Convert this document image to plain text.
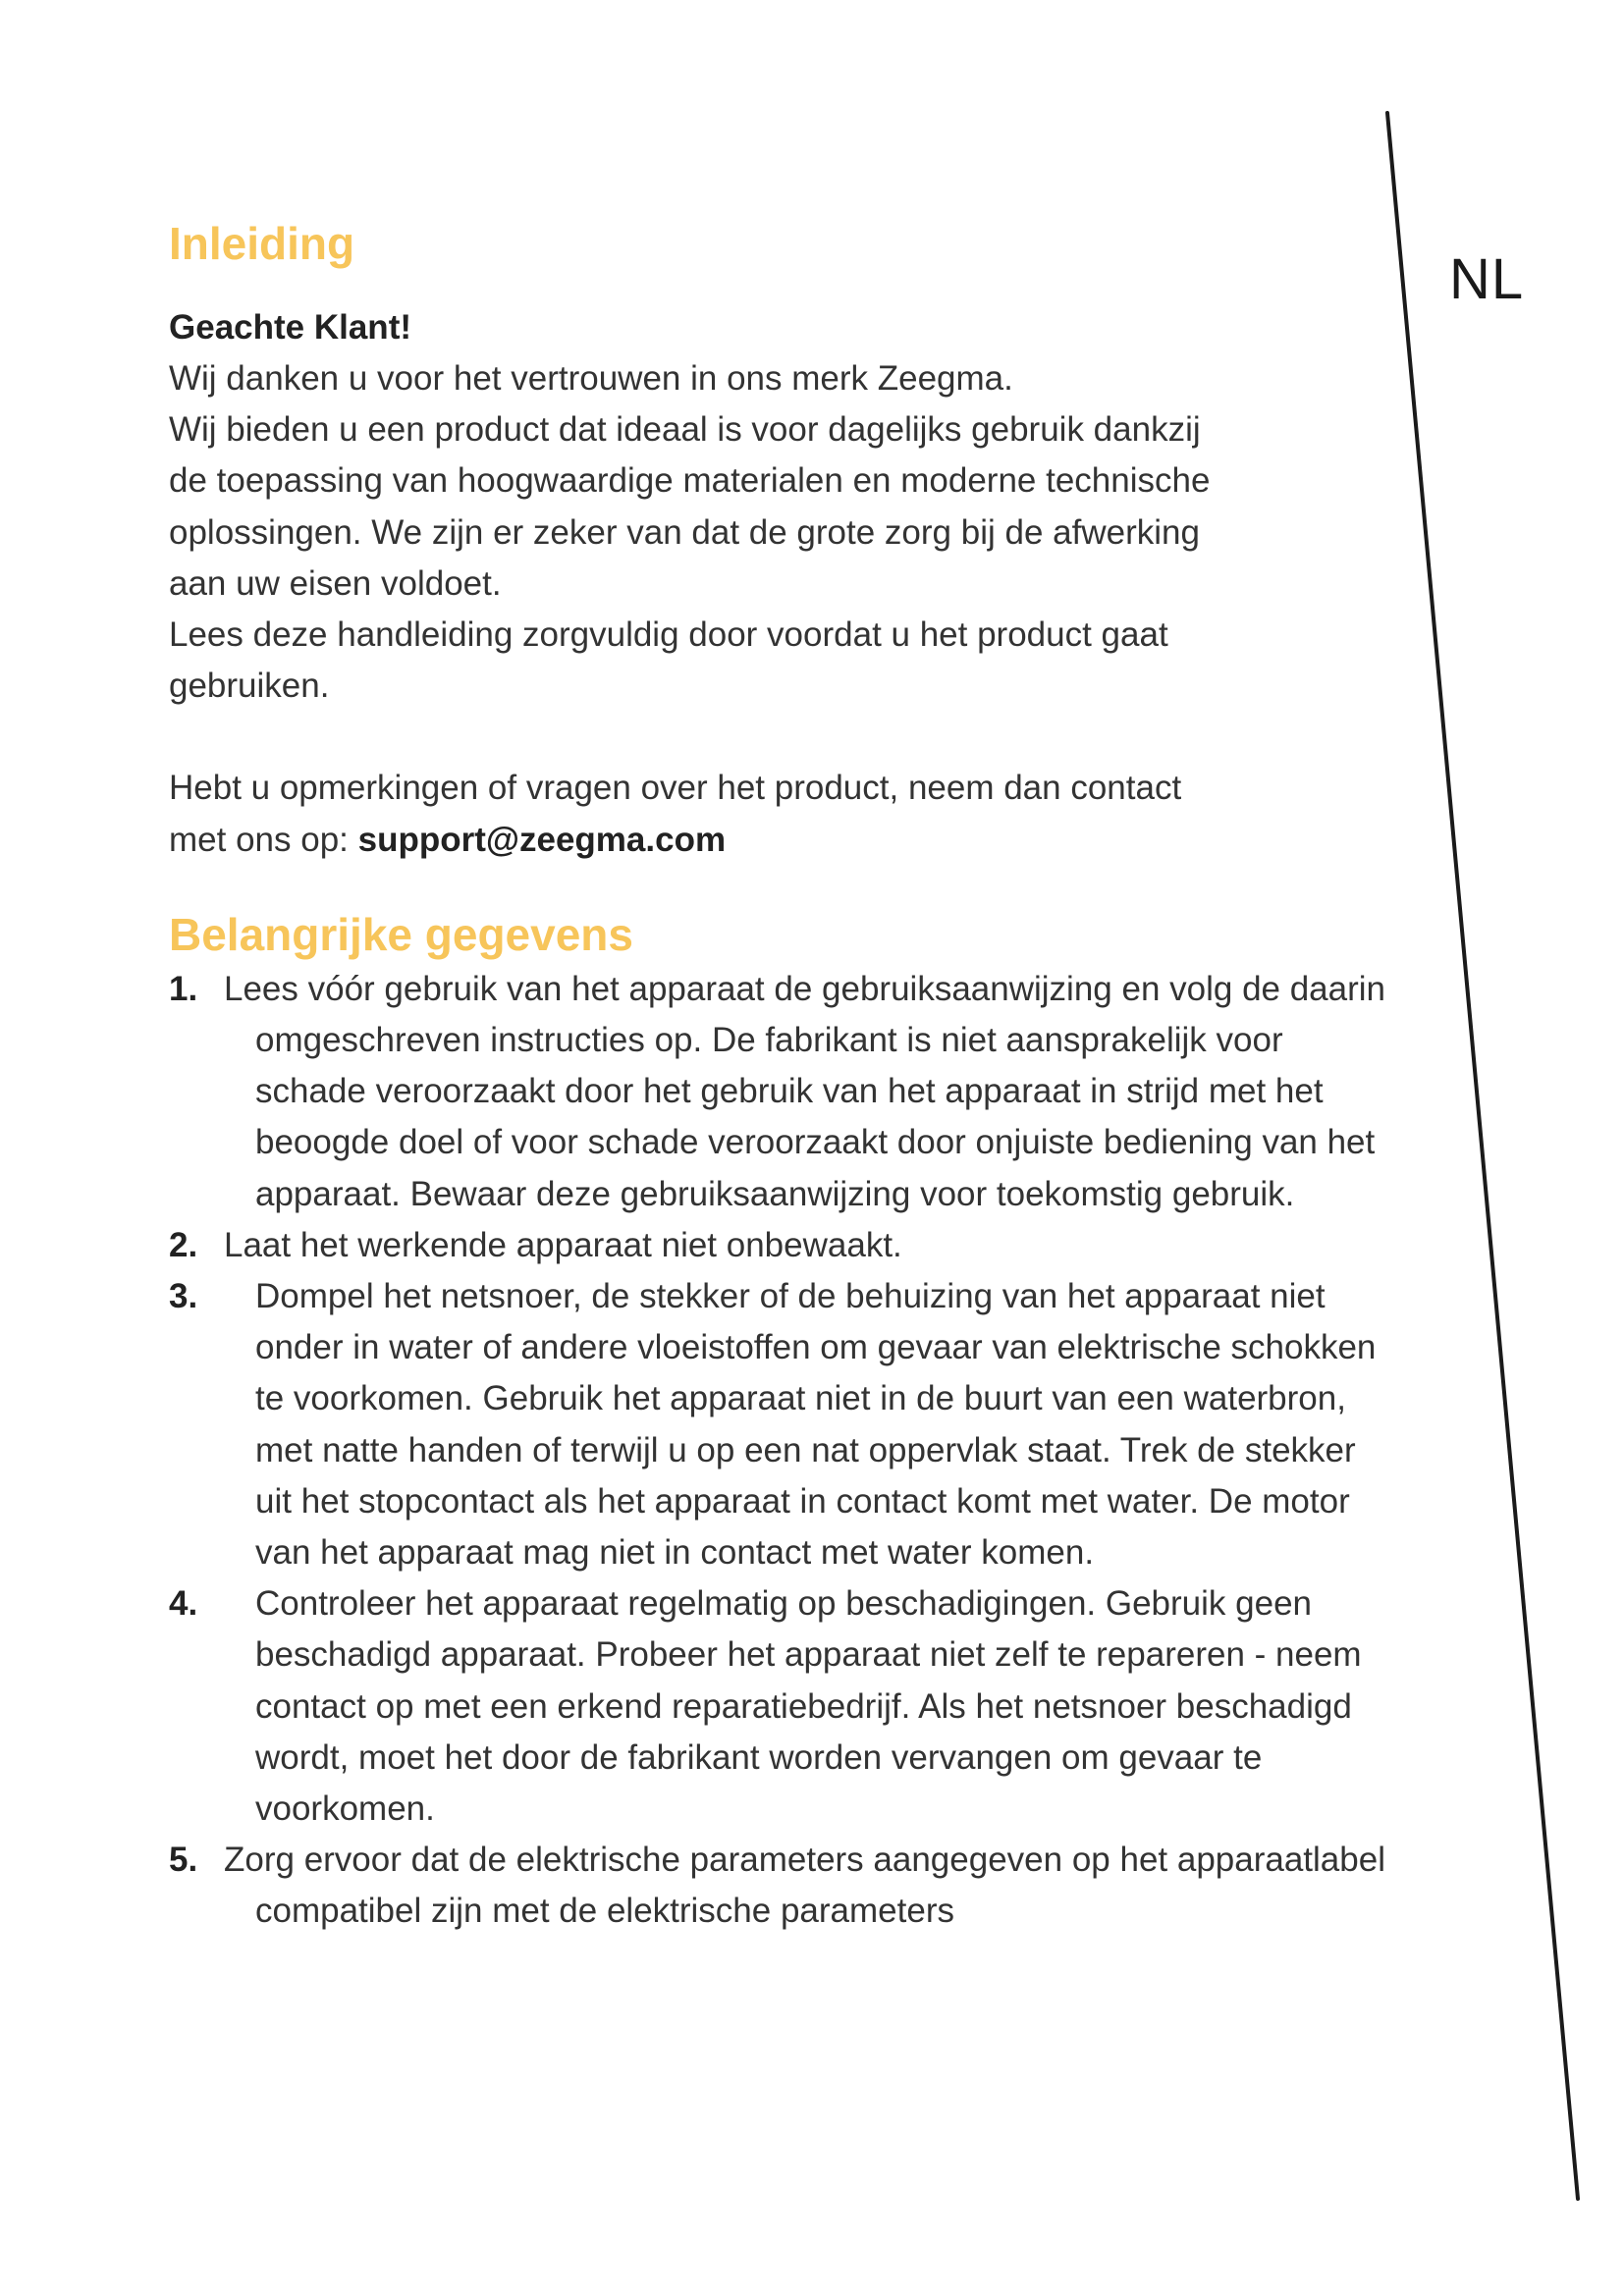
NL
Inleiding

Geachte Klant!

Wij danken u voor het vertrouwen in ons merk Zeegma.

Wij bieden u een product dat ideaal is voor dagelijks gebruik dankzij

de toepassing van hoogwaardige materialen en moderne technische

oplossingen. We zijn er zeker van dat de grote zorg bij de afwerking

aan uw eisen voldoet.

Lees deze handleiding zorgvuldig door voordat u het product gaat

gebruiken.

Hebt u opmerkingen of vragen over het product, neem dan contact

met ons op: support@zeegma.com

Belangrijke gegevens
1. Lees vóór gebruik van het apparaat de gebruiksaanwijzing en volg de daarin omgeschreven instructies op. De fabrikant is niet aansprakelijk voor schade veroorzaakt door het gebruik van het apparaat in strijd met het beoogde doel of voor schade veroorzaakt door onjuiste bediening van het apparaat. Bewaar deze gebruiksaanwijzing voor toekomstig gebruik.
2. Laat het werkende apparaat niet onbewaakt.
3. Dompel het netsnoer, de stekker of de behuizing van het apparaat niet onder in water of andere vloeistoffen om gevaar van elektrische schokken te voorkomen. Gebruik het apparaat niet in de buurt van een waterbron, met natte handen of terwijl u op een nat oppervlak staat. Trek de stekker uit het stopcontact als het apparaat in contact komt met water. De motor van het apparaat mag niet in contact met water komen.
4. Controleer het apparaat regelmatig op beschadigingen. Gebruik geen beschadigd apparaat. Probeer het apparaat niet zelf te repareren - neem contact op met een erkend reparatiebedrijf. Als het netsnoer beschadigd wordt, moet het door de fabrikant worden vervangen om gevaar te voorkomen.
5. Zorg ervoor dat de elektrische parameters aangegeven op het apparaatlabel compatibel zijn met de elektrische parameters
